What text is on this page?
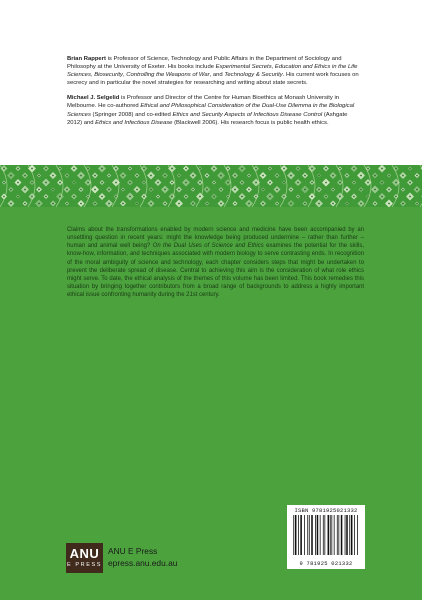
Brian Rappert is Professor of Science, Technology and Public Affairs in the Department of Sociology and Philosophy at the University of Exeter. His books include Experimental Secrets, Education and Ethics in the Life Sciences, Biosecurity, Controlling the Weapons of War, and Technology & Security. His current work focuses on secrecy and in particular the novel strategies for researching and writing about state secrets.

Michael J. Selgelid is Professor and Director of the Centre for Human Bioethics at Monash University in Melbourne. He co-authored Ethical and Philosophical Consideration of the Dual-Use Dilemma in the Biological Sciences (Springer 2008) and co-edited Ethics and Security Aspects of Infectious Disease Control (Ashgate 2012) and Ethics and Infectious Disease (Blackwell 2006). His research focus is public health ethics.

Claims about the transformations enabled by modern science and medicine have been accompanied by an unsettling question in recent years: might the knowledge being produced undermine – rather than further – human and animal well being? On the Dual Uses of Science and Ethics examines the potential for the skills, know-how, information, and techniques associated with modern biology to serve contrasting ends. In recognition of the moral ambiguity of science and technology, each chapter considers steps that might be undertaken to prevent the deliberate spread of disease. Central to achieving this aim is the consideration of what role ethics might serve. To date, the ethical analysis of the themes of this volume has been limited. This book remedies this situation by bringing together contributors from a broad range of backgrounds to address a highly important ethical issue confronting humanity during the 21st century.

ISBN 9781925021332
9 781925 021332
ANU
E PRESS
ANU E Press
epress.anu.edu.au
